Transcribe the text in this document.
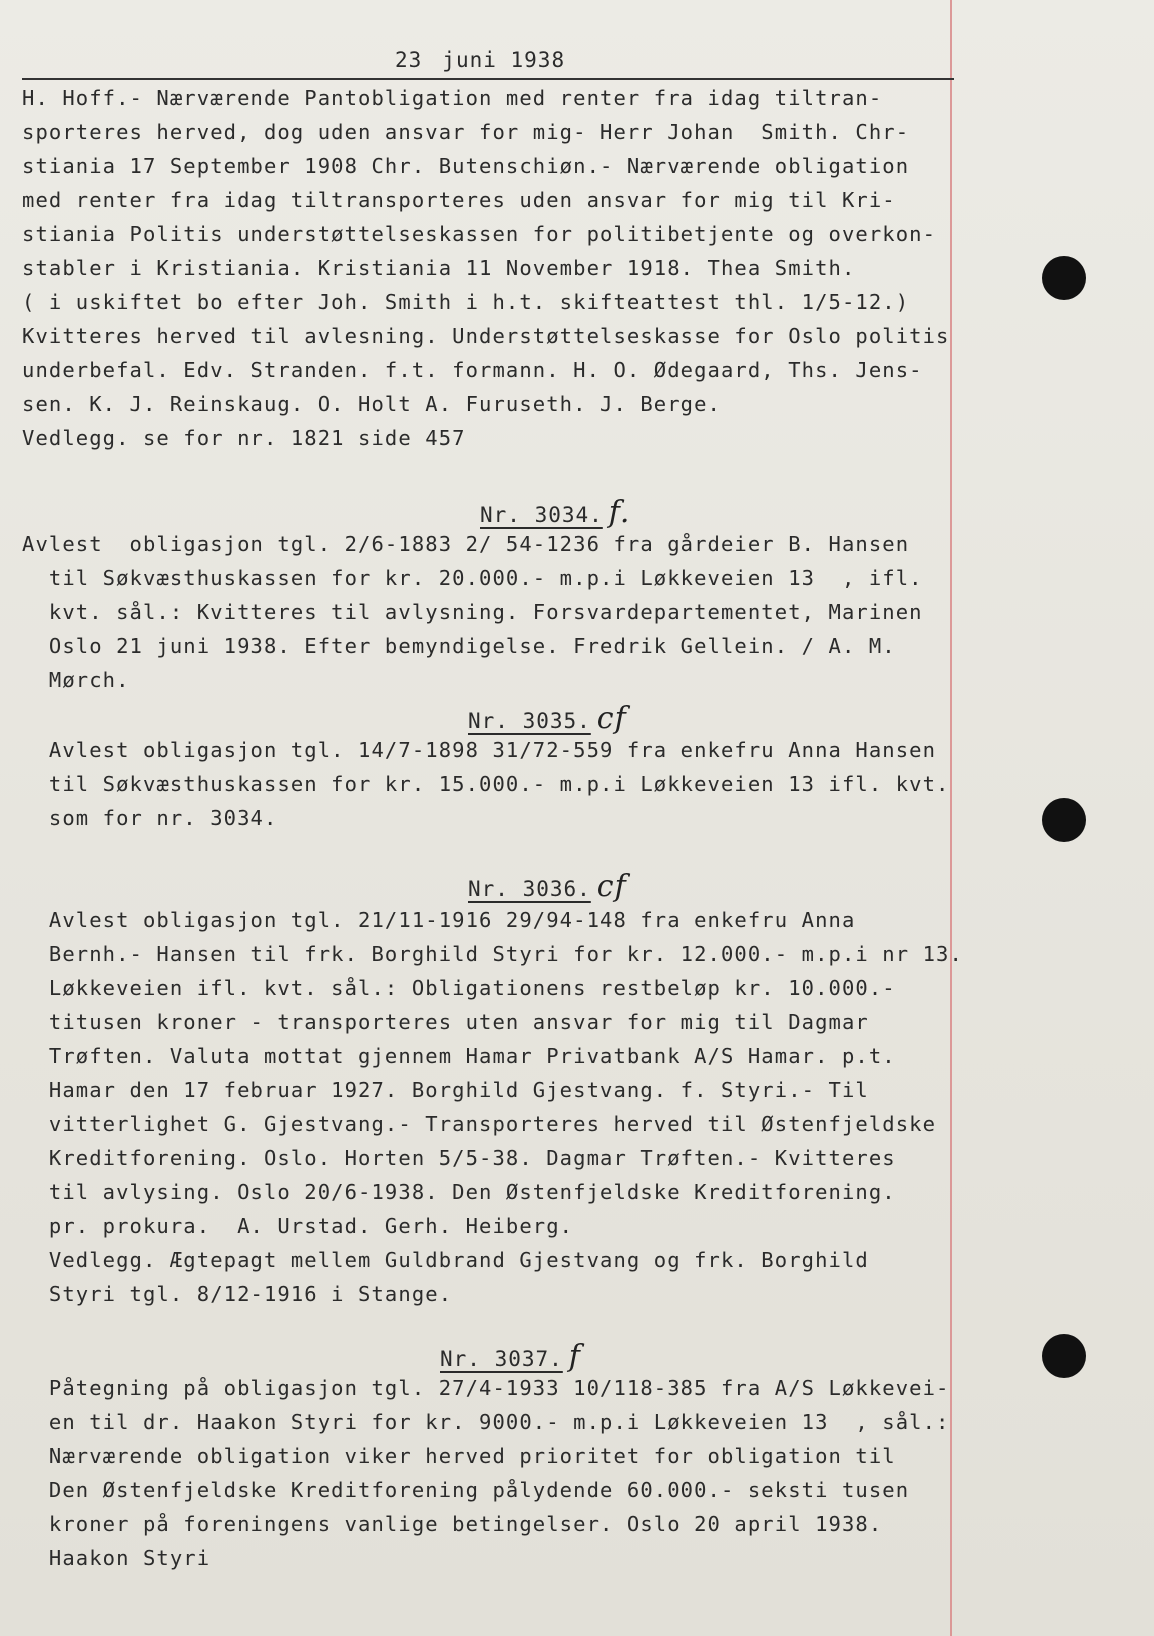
23 juni 1938
H. Hoff.- Nærværende Pantobligation med renter fra idag tiltran-
sporteres herved, dog uden ansvar for mig- Herr Johan  Smith. Chr-
stiania 17 September 1908 Chr. Butenschiøn.- Nærværende obligation
med renter fra idag tiltransporteres uden ansvar for mig til Kri-
stiania Politis understøttelseskassen for politibetjente og overkon-
stabler i Kristiania. Kristiania 11 November 1918. Thea Smith.
( i uskiftet bo efter Joh. Smith i h.t. skifteattest thl. 1/5-12.)
Kvitteres herved til avlesning. Understøttelseskasse for Oslo politis
underbefal. Edv. Stranden. f.t. formann. H. O. Ødegaard, Ths. Jens-
sen. K. J. Reinskaug. O. Holt A. Furuseth. J. Berge.
Vedlegg. se for nr. 1821 side 457
Nr. 3034. f.
Avlest  obligasjon tgl. 2/6-1883 2/ 54-1236 fra gårdeier B. Hansen
til Søkvæsthuskassen for kr. 20.000.- m.p.i Løkkeveien 13  , ifl.
kvt. sål.: Kvitteres til avlysning. Forsvardepartementet, Marinen
Oslo 21 juni 1938. Efter bemyndigelse. Fredrik Gellein. / A. M.
Mørch.
Nr. 3035. cf
Avlest obligasjon tgl. 14/7-1898 31/72-559 fra enkefru Anna Hansen
til Søkvæsthuskassen for kr. 15.000.- m.p.i Løkkeveien 13 ifl. kvt.
som for nr. 3034.
Nr. 3036. cf
Avlest obligasjon tgl. 21/11-1916 29/94-148 fra enkefru Anna
Bernh.- Hansen til frk. Borghild Styri for kr. 12.000.- m.p.i nr 13.
Løkkeveien ifl. kvt. sål.: Obligationens restbeløp kr. 10.000.-
titusen kroner - transporteres uten ansvar for mig til Dagmar
Trøften. Valuta mottat gjennem Hamar Privatbank A/S Hamar. p.t.
Hamar den 17 februar 1927. Borghild Gjestvang. f. Styri.- Til
vitterlighet G. Gjestvang.- Transporteres herved til Østenfjeldske
Kreditforening. Oslo. Horten 5/5-38. Dagmar Trøften.- Kvitteres
til avlysing. Oslo 20/6-1938. Den Østenfjeldske Kreditforening.
pr. prokura.  A. Urstad. Gerh. Heiberg.
Vedlegg. Ægtepagt mellem Guldbrand Gjestvang og frk. Borghild
Styri tgl. 8/12-1916 i Stange.
Nr. 3037. f
Påtegning på obligasjon tgl. 27/4-1933 10/118-385 fra A/S Løkkevei-
en til dr. Haakon Styri for kr. 9000.- m.p.i Løkkeveien 13  , sål.:
Nærværende obligation viker herved prioritet for obligation til
Den Østenfjeldske Kreditforening pålydende 60.000.- seksti tusen
kroner på foreningens vanlige betingelser. Oslo 20 april 1938.
Haakon Styri
